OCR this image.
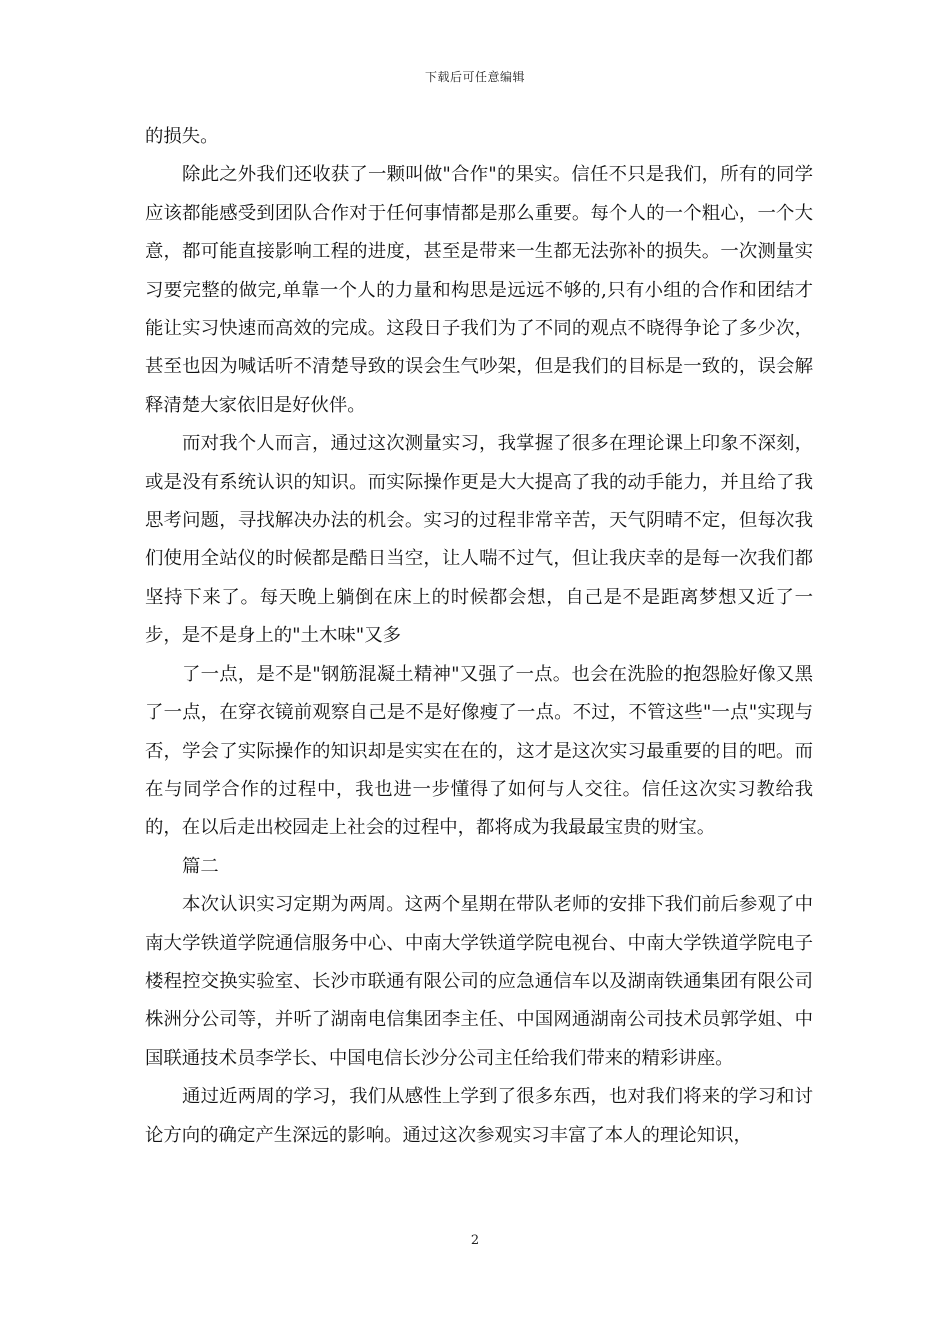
下载后可任意编辑

的损失。

除此之外我们还收获了一颗叫做"合作"的果实。信任不只是我们，所有的同学应该都能感受到团队合作对于任何事情都是那么重要。每个人的一个粗心，一个大意，都可能直接影响工程的进度，甚至是带来一生都无法弥补的损失。一次测量实习要完整的做完,单靠一个人的力量和构思是远远不够的,只有小组的合作和团结才能让实习快速而高效的完成。这段日子我们为了不同的观点不晓得争论了多少次，甚至也因为喊话听不清楚导致的误会生气吵架，但是我们的目标是一致的，误会解释清楚大家依旧是好伙伴。

而对我个人而言，通过这次测量实习，我掌握了很多在理论课上印象不深刻，或是没有系统认识的知识。而实际操作更是大大提高了我的动手能力，并且给了我思考问题，寻找解决办法的机会。实习的过程非常辛苦，天气阴晴不定，但每次我们使用全站仪的时候都是酷日当空，让人喘不过气，但让我庆幸的是每一次我们都坚持下来了。每天晚上躺倒在床上的时候都会想，自己是不是距离梦想又近了一步，是不是身上的"土木味"又多

了一点，是不是"钢筋混凝土精神"又强了一点。也会在洗脸的抱怨脸好像又黑了一点，在穿衣镜前观察自己是不是好像瘦了一点。不过，不管这些"一点"实现与否，学会了实际操作的知识却是实实在在的，这才是这次实习最重要的目的吧。而在与同学合作的过程中，我也进一步懂得了如何与人交往。信任这次实习教给我的，在以后走出校园走上社会的过程中，都将成为我最最宝贵的财宝。

篇二

本次认识实习定期为两周。这两个星期在带队老师的安排下我们前后参观了中南大学铁道学院通信服务中心、中南大学铁道学院电视台、中南大学铁道学院电子楼程控交换实验室、长沙市联通有限公司的应急通信车以及湖南铁通集团有限公司株洲分公司等，并听了湖南电信集团李主任、中国网通湖南公司技术员郭学姐、中国联通技术员李学长、中国电信长沙分公司主任给我们带来的精彩讲座。

通过近两周的学习，我们从感性上学到了很多东西，也对我们将来的学习和讨论方向的确定产生深远的影响。通过这次参观实习丰富了本人的理论知识，

2
